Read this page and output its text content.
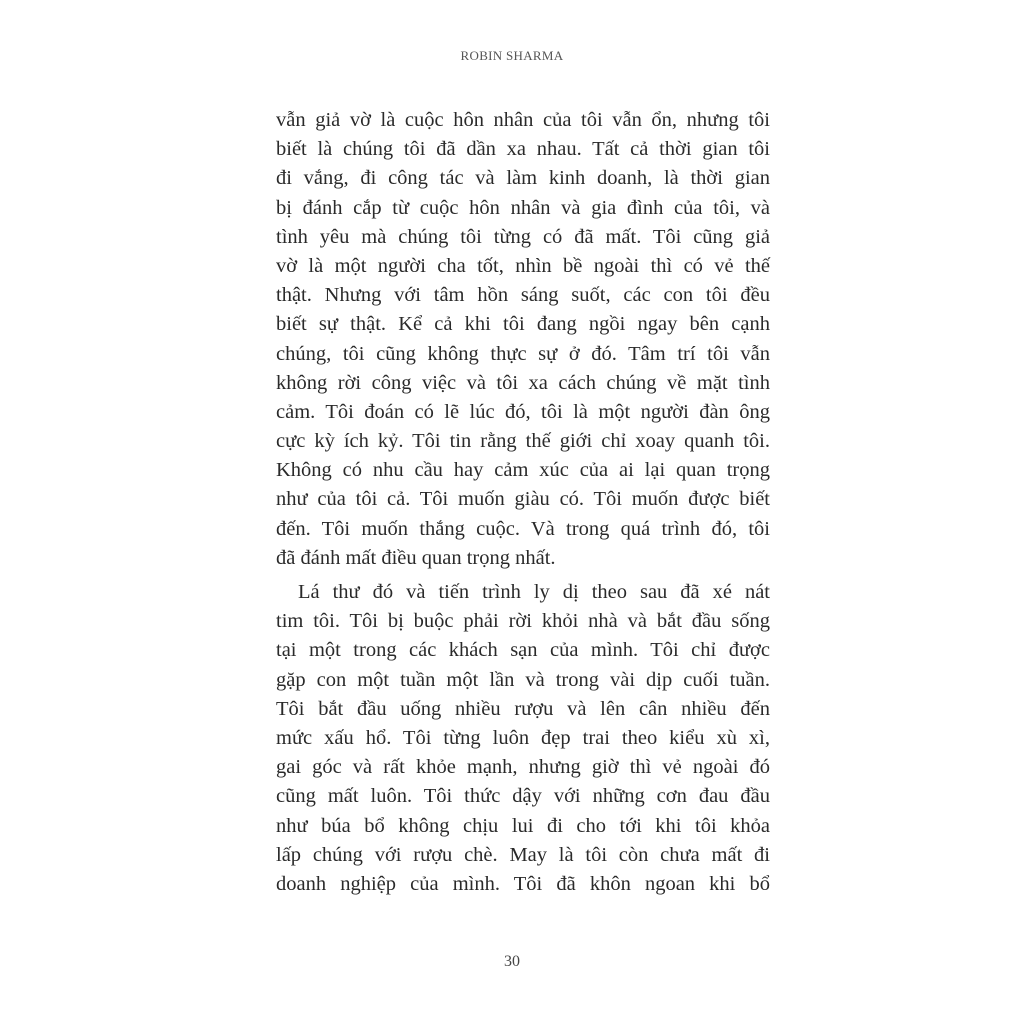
ROBIN SHARMA
vẫn giả vờ là cuộc hôn nhân của tôi vẫn ổn, nhưng tôi
biết là chúng tôi đã dần xa nhau. Tất cả thời gian tôi
đi vắng, đi công tác và làm kinh doanh, là thời gian
bị đánh cắp từ cuộc hôn nhân và gia đình của tôi, và
tình yêu mà chúng tôi từng có đã mất. Tôi cũng giả
vờ là một người cha tốt, nhìn bề ngoài thì có vẻ thế
thật. Nhưng với tâm hồn sáng suốt, các con tôi đều
biết sự thật. Kể cả khi tôi đang ngồi ngay bên cạnh
chúng, tôi cũng không thực sự ở đó. Tâm trí tôi vẫn
không rời công việc và tôi xa cách chúng về mặt tình
cảm. Tôi đoán có lẽ lúc đó, tôi là một người đàn ông
cực kỳ ích kỷ. Tôi tin rằng thế giới chỉ xoay quanh tôi.
Không có nhu cầu hay cảm xúc của ai lại quan trọng
như của tôi cả. Tôi muốn giàu có. Tôi muốn được biết
đến. Tôi muốn thắng cuộc. Và trong quá trình đó, tôi
đã đánh mất điều quan trọng nhất.
Lá thư đó và tiến trình ly dị theo sau đã xé nát
tim tôi. Tôi bị buộc phải rời khỏi nhà và bắt đầu sống
tại một trong các khách sạn của mình. Tôi chỉ được
gặp con một tuần một lần và trong vài dịp cuối tuần.
Tôi bắt đầu uống nhiều rượu và lên cân nhiều đến
mức xấu hổ. Tôi từng luôn đẹp trai theo kiểu xù xì,
gai góc và rất khỏe mạnh, nhưng giờ thì vẻ ngoài đó
cũng mất luôn. Tôi thức dậy với những cơn đau đầu
như búa bổ không chịu lui đi cho tới khi tôi khỏa
lấp chúng với rượu chè. May là tôi còn chưa mất đi
doanh nghiệp của mình. Tôi đã khôn ngoan khi bổ
30
